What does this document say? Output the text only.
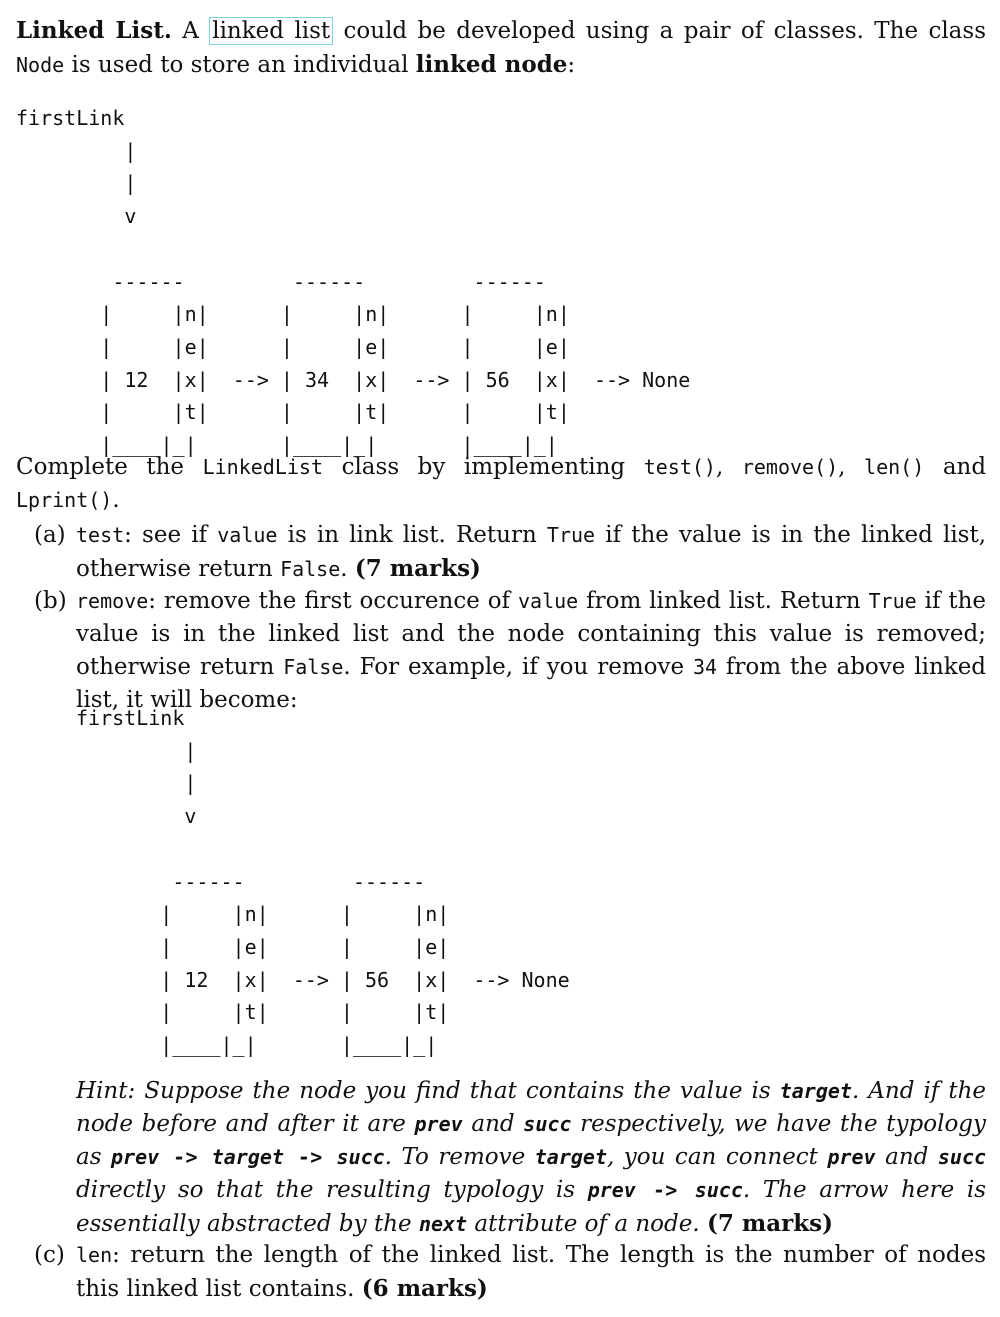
Linked List. A linked list could be developed using a pair of classes. The class Node is used to store an individual linked node:

firstLink
|
|
v

------         ------         ------
|     |n|      |     |n|      |     |n|
|     |e|      |     |e|      |     |e|
| 12  |x|  --> | 34  |x|  --> | 56  |x|  --> None
|     |t|      |     |t|      |     |t|
|____|_|       |____|_|       |____|_|

Complete the LinkedList class by implementing test(), remove(), len() and Lprint().

(a) test: see if value is in link list. Return True if the value is in the linked list, otherwise return False. (7 marks)
(b) remove: remove the first occurence of value from linked list. Return True if the value is in the linked list and the node containing this value is removed; otherwise return False. For example, if you remove 34 from the above linked list, it will become:
firstLink
|
|
v

------         ------
|     |n|      |     |n|
|     |e|      |     |e|
| 12  |x|  --> | 56  |x|  --> None
|     |t|      |     |t|
|____|_|       |____|_|
Hint: Suppose the node you find that contains the value is target. And if the node before and after it are prev and succ respectively, we have the typology as prev -> target -> succ. To remove target, you can connect prev and succ directly so that the resulting typology is prev -> succ. The arrow here is essentially abstracted by the next attribute of a node. (7 marks)
(c) len: return the length of the linked list. The length is the number of nodes this linked list contains. (6 marks)
